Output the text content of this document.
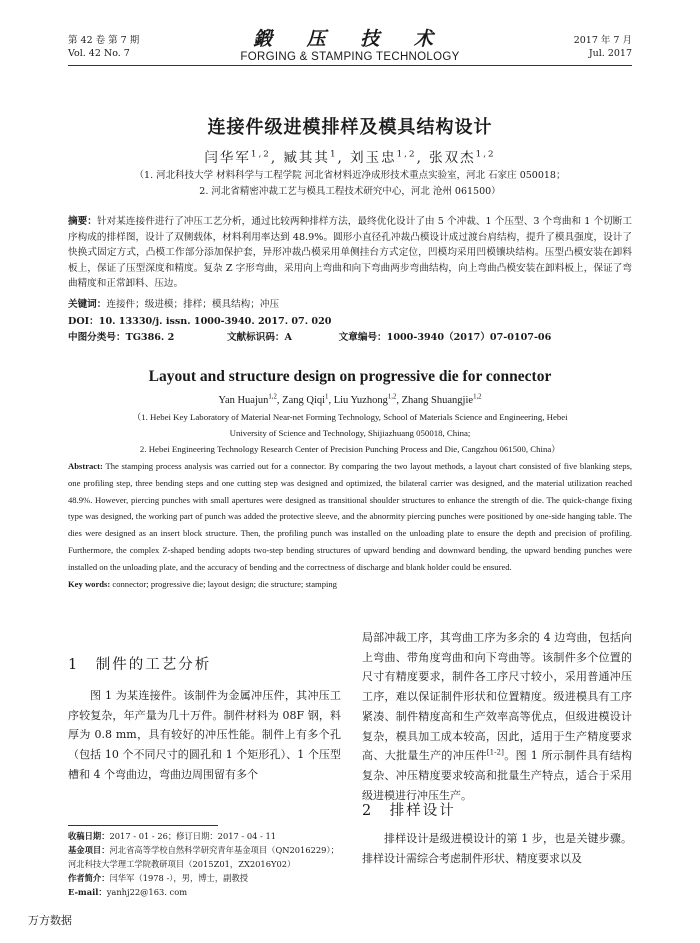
第 42 卷 第 7 期
Vol. 42 No. 7
鍛 压 技 术
FORGING & STAMPING TECHNOLOGY
2017 年 7 月
Jul. 2017
连接件级进模排样及模具结构设计
闫华军$^{1,2}$, 臧其其$^1$, 刘玉忠$^{1,2}$, 张双杰$^{1,2}$
（1. 河北科技大学 材料科学与工程学院 河北省材料近净成形技术重点实验室，河北 石家庄 050018；
2. 河北省精密冲裁工艺与模具工程技术研究中心，河北 沧州 061500）
摘要：针对某连接件进行了冲压工艺分析，通过比较两种排样方法，最终优化设计了由 5 个冲裁、1 个压型、3 个弯曲和 1 个切断工序构成的排样图，设计了双侧载体，材料利用率达到 48.9%。圆形小直径孔冲裁凸模设计成过渡台肩结构，提升了模具强度，设计了快换式固定方式，凸模工作部分添加保护套，异形冲裁凸模采用单侧挂台方式定位，凹模均采用凹模镶块结构。压型凸模安装在卸料板上，保证了压型深度和精度。复杂 Z 字形弯曲，采用向上弯曲和向下弯曲两步弯曲结构，向上弯曲凸模安装在卸料板上，保证了弯曲精度和正常卸料、压边。
关键词：连接件；级进模；排样；模具结构；冲压
DOI：10. 13330/j. issn. 1000-3940. 2017. 07. 020
中图分类号：TG386. 2	文献标识码：A	文章编号：1000-3940（2017）07-0107-06
Layout and structure design on progressive die for connector
Yan Huajun$^{1,2}$, Zang Qiqi$^1$, Liu Yuzhong$^{1,2}$, Zhang Shuangjie$^{1,2}$
（1. Hebei Key Laboratory of Material Near-net Forming Technology, School of Materials Science and Engineering, Hebei
University of Science and Technology, Shijiazhuang 050018, China;
2. Hebei Engineering Technology Research Center of Precision Punching Process and Die, Cangzhou 061500, China）
Abstract: The stamping process analysis was carried out for a connector. By comparing the two layout methods, a layout chart consisted of five blanking steps, one profiling step, three bending steps and one cutting step was designed and optimized, the bilateral carrier was designed, and the material utilization reached 48.9%. However, piercing punches with small apertures were designed as transitional shoulder structures to enhance the strength of die. The quick-change fixing type was designed, the working part of punch was added the protective sleeve, and the abnormity piercing punches were positioned by one-side hanging table. The dies were designed as an insert block structure. Then, the profiling punch was installed on the unloading plate to ensure the depth and precision of profiling. Furthermore, the complex Z-shaped bending adopts two-step bending structures of upward bending and downward bending, the upward bending punches were installed on the unloading plate, and the accuracy of bending and the correctness of discharge and blank holder could be ensured.
Key words: connector; progressive die; layout design; die structure; stamping
1　制件的工艺分析

图 1 为某连接件。该制件为金属冲压件，其冲压工序较复杂，年产量为几十万件。制件材料为 08F 钢，料厚为 0.8 mm，具有较好的冲压性能。制件上有多个孔（包括 10 个不同尺寸的圆孔和 1 个矩形孔）、1 个压型槽和 4 个弯曲边，弯曲边周围留有多个

收稿日期：2017 - 01 - 26；修订日期：2017 - 04 - 11
基金项目：河北省高等学校自然科学研究青年基金项目（QN2016229）；
河北科技大学理工学院教研项目（2015Z01，ZX2016Y02）
作者简介：闫华军（1978 -），男，博士，副教授
E-mail：yanhj22@163. com

局部冲裁工序，其弯曲工序为多余的 4 边弯曲，包括向上弯曲、带角度弯曲和向下弯曲等。该制件多个位置的尺寸有精度要求，制件各工序尺寸较小，采用普通冲压工序，难以保证制件形状和位置精度。级进模具有工序紧凑、制件精度高和生产效率高等优点，但级进模设计复杂，模具加工成本较高，因此，适用于生产精度要求高、大批量生产的冲压件[1-2]。图 1 所示制件具有结构复杂、冲压精度要求较高和批量生产特点，适合于采用级进模进行冲压生产。

2　排样设计

排样设计是级进模设计的第 1 步，也是关键步骤。排样设计需综合考虑制件形状、精度要求以及

万方数据
